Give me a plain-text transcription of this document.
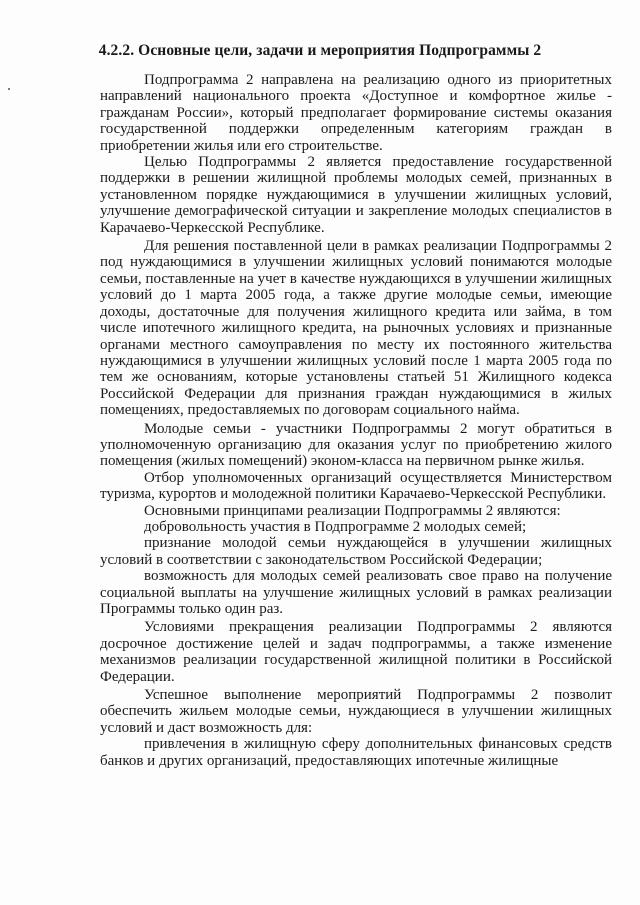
4.2.2. Основные цели, задачи и мероприятия Подпрограммы 2

Подпрограмма 2 направлена на реализацию одного из приоритетных направлений национального проекта «Доступное и комфортное жилье - гражданам России», который предполагает формирование системы оказания государственной поддержки определенным категориям граждан в приобретении жилья или его строительстве.

Целью Подпрограммы 2 является предоставление государственной поддержки в решении жилищной проблемы молодых семей, признанных в установленном порядке нуждающимися в улучшении жилищных условий, улучшение демографической ситуации и закрепление молодых специалистов в Карачаево-Черкесской Республике.

Для решения поставленной цели в рамках реализации Подпрограммы 2 под нуждающимися в улучшении жилищных условий понимаются молодые семьи, поставленные на учет в качестве нуждающихся в улучшении жилищных условий до 1 марта 2005 года, а также другие молодые семьи, имеющие доходы, достаточные для получения жилищного кредита или займа, в том числе ипотечного жилищного кредита, на рыночных условиях и признанные органами местного самоуправления по месту их постоянного жительства нуждающимися в улучшении жилищных условий после 1 марта 2005 года по тем же основаниям, которые установлены статьей 51 Жилищного кодекса Российской Федерации для признания граждан нуждающимися в жилых помещениях, предоставляемых по договорам социального найма.

Молодые семьи - участники Подпрограммы 2 могут обратиться в уполномоченную организацию для оказания услуг по приобретению жилого помещения (жилых помещений) эконом-класса на первичном рынке жилья.

Отбор уполномоченных организаций осуществляется Министерством туризма, курортов и молодежной политики Карачаево-Черкесской Республики.

Основными принципами реализации Подпрограммы 2 являются:

добровольность участия в Подпрограмме 2 молодых семей;

признание молодой семьи нуждающейся в улучшении жилищных условий в соответствии с законодательством Российской Федерации;

возможность для молодых семей реализовать свое право на получение социальной выплаты на улучшение жилищных условий в рамках реализации Программы только один раз.

Условиями прекращения реализации Подпрограммы 2 являются досрочное достижение целей и задач подпрограммы, а также изменение механизмов реализации государственной жилищной политики в Российской Федерации.

Успешное выполнение мероприятий Подпрограммы 2 позволит обеспечить жильем молодые семьи, нуждающиеся в улучшении жилищных условий и даст возможность для:

привлечения в жилищную сферу дополнительных финансовых средств банков и других организаций, предоставляющих ипотечные жилищные
